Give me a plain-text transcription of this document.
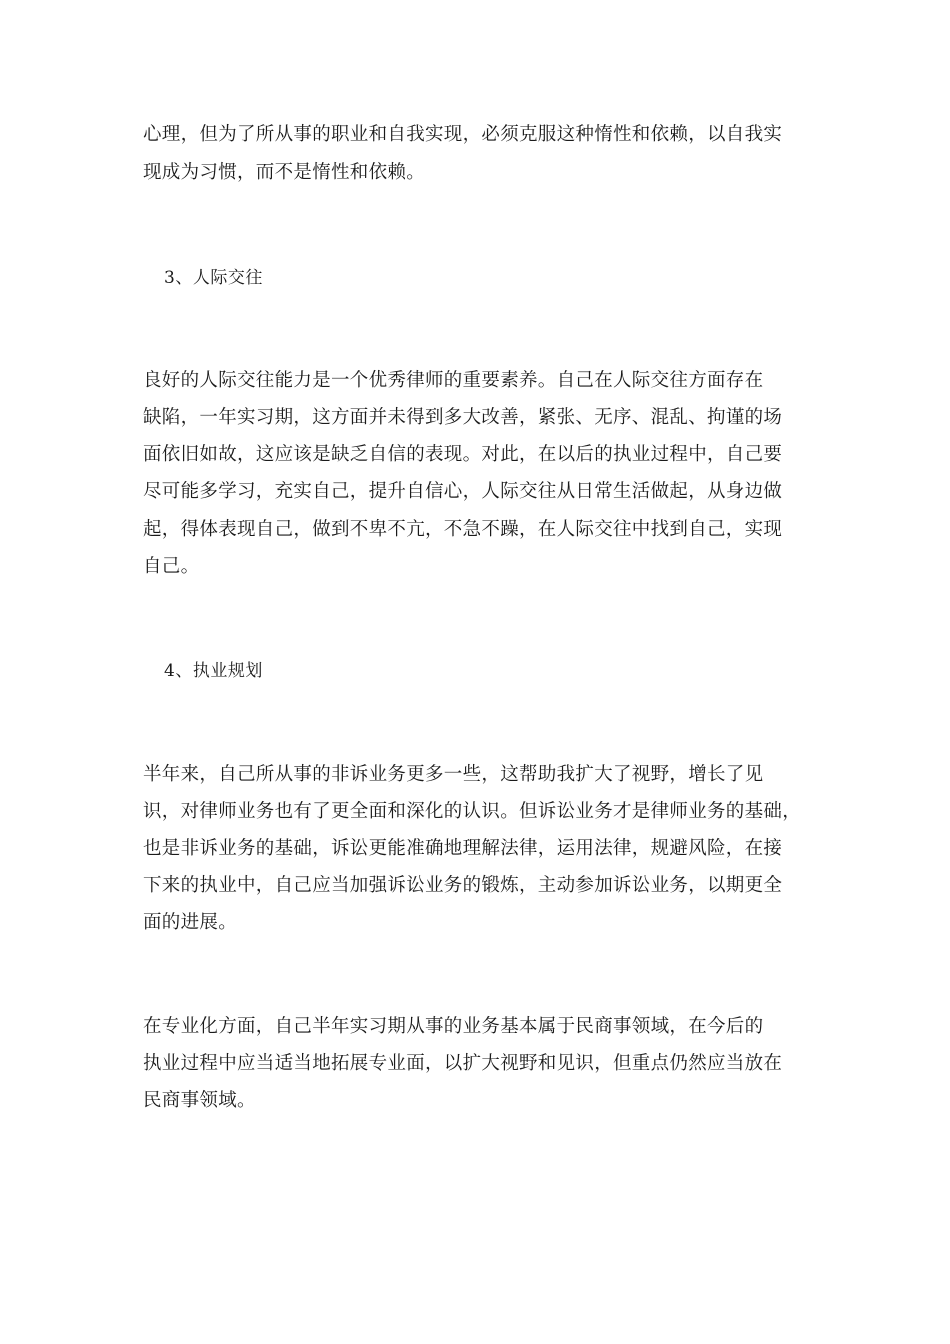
心理，但为了所从事的职业和自我实现，必须克服这种惰性和依赖，以自我实

现成为习惯，而不是惰性和依赖。

3、人际交往

良好的人际交往能力是一个优秀律师的重要素养。自己在人际交往方面存在

缺陷，一年实习期，这方面并未得到多大改善，紧张、无序、混乱、拘谨的场

面依旧如故，这应该是缺乏自信的表现。对此，在以后的执业过程中，自己要

尽可能多学习，充实自己，提升自信心，人际交往从日常生活做起，从身边做

起，得体表现自己，做到不卑不亢，不急不躁，在人际交往中找到自己，实现

自己。

4、执业规划

半年来，自己所从事的非诉业务更多一些，这帮助我扩大了视野，增长了见

识，对律师业务也有了更全面和深化的认识。但诉讼业务才是律师业务的基础，

也是非诉业务的基础，诉讼更能准确地理解法律，运用法律，规避风险，在接

下来的执业中，自己应当加强诉讼业务的锻炼，主动参加诉讼业务，以期更全

面的进展。

在专业化方面，自己半年实习期从事的业务基本属于民商事领域，在今后的

执业过程中应当适当地拓展专业面，以扩大视野和见识，但重点仍然应当放在

民商事领域。
